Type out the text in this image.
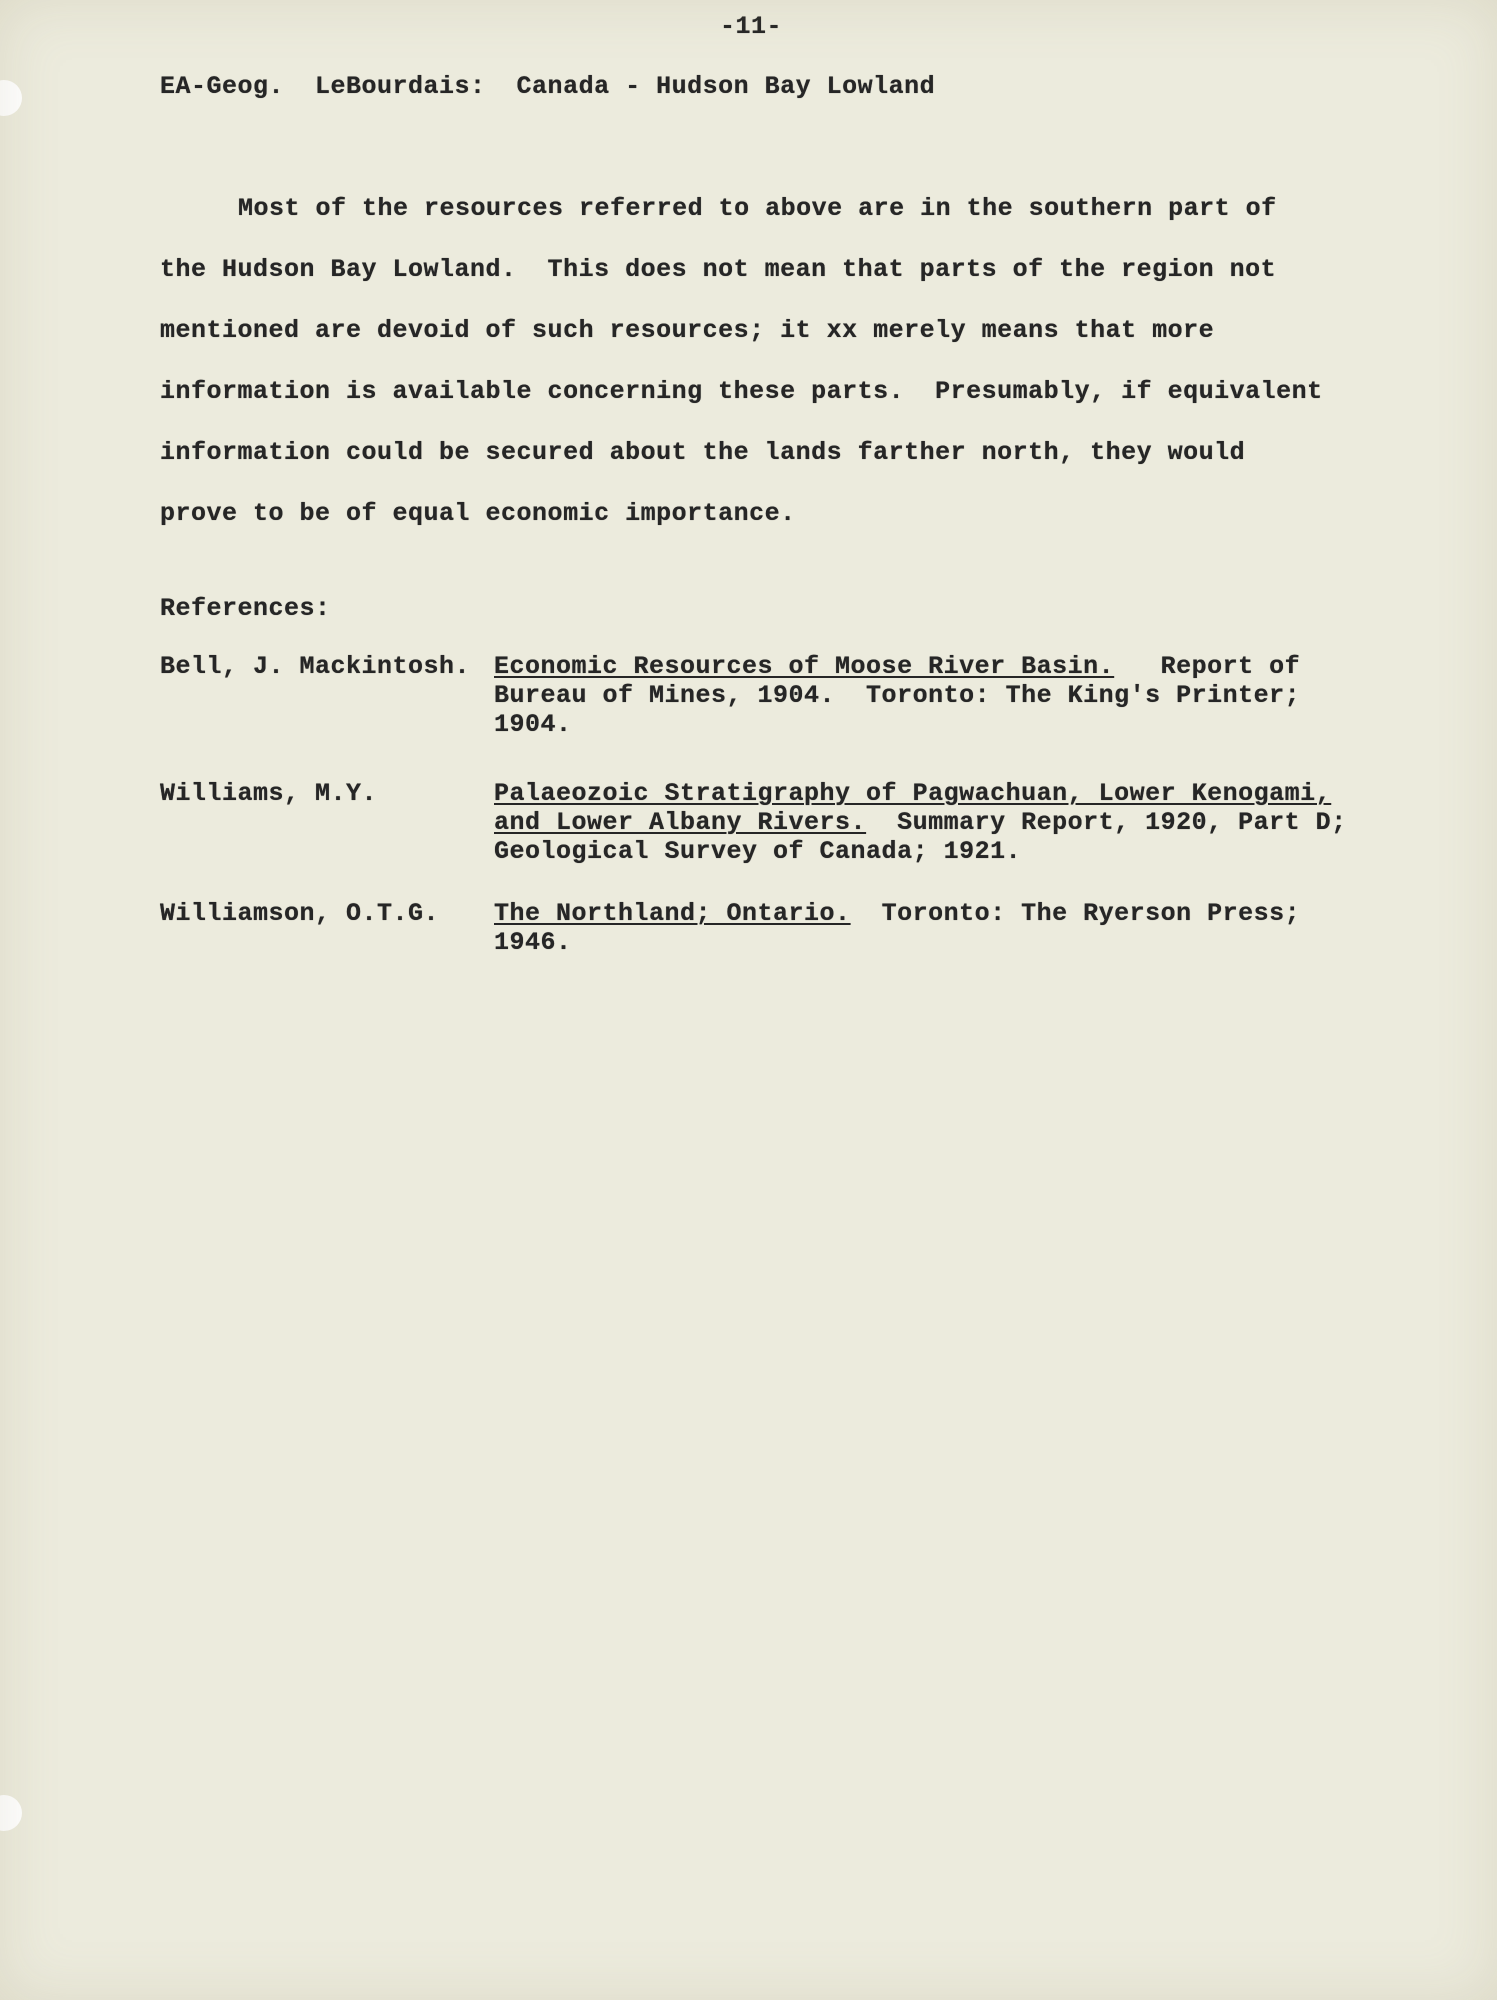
-11-
EA-Geog.  LeBourdais:  Canada - Hudson Bay Lowland
Most of the resources referred to above are in the southern part of
the Hudson Bay Lowland.  This does not mean that parts of the region not
mentioned are devoid of such resources; it xx merely means that more
information is available concerning these parts.  Presumably, if equivalent
information could be secured about the lands farther north, they would
prove to be of equal economic importance.
References:
Bell, J. Mackintosh. Economic Resources of Moose River Basin.   Report of
Bureau of Mines, 1904.  Toronto: The King's Printer;
1904.
Williams, M.Y.	Palaeozoic Stratigraphy of Pagwachuan, Lower Kenogami,
and Lower Albany Rivers.  Summary Report, 1920, Part D;
Geological Survey of Canada; 1921.
Williamson, O.T.G. The Northland; Ontario.  Toronto: The Ryerson Press;
1946.
